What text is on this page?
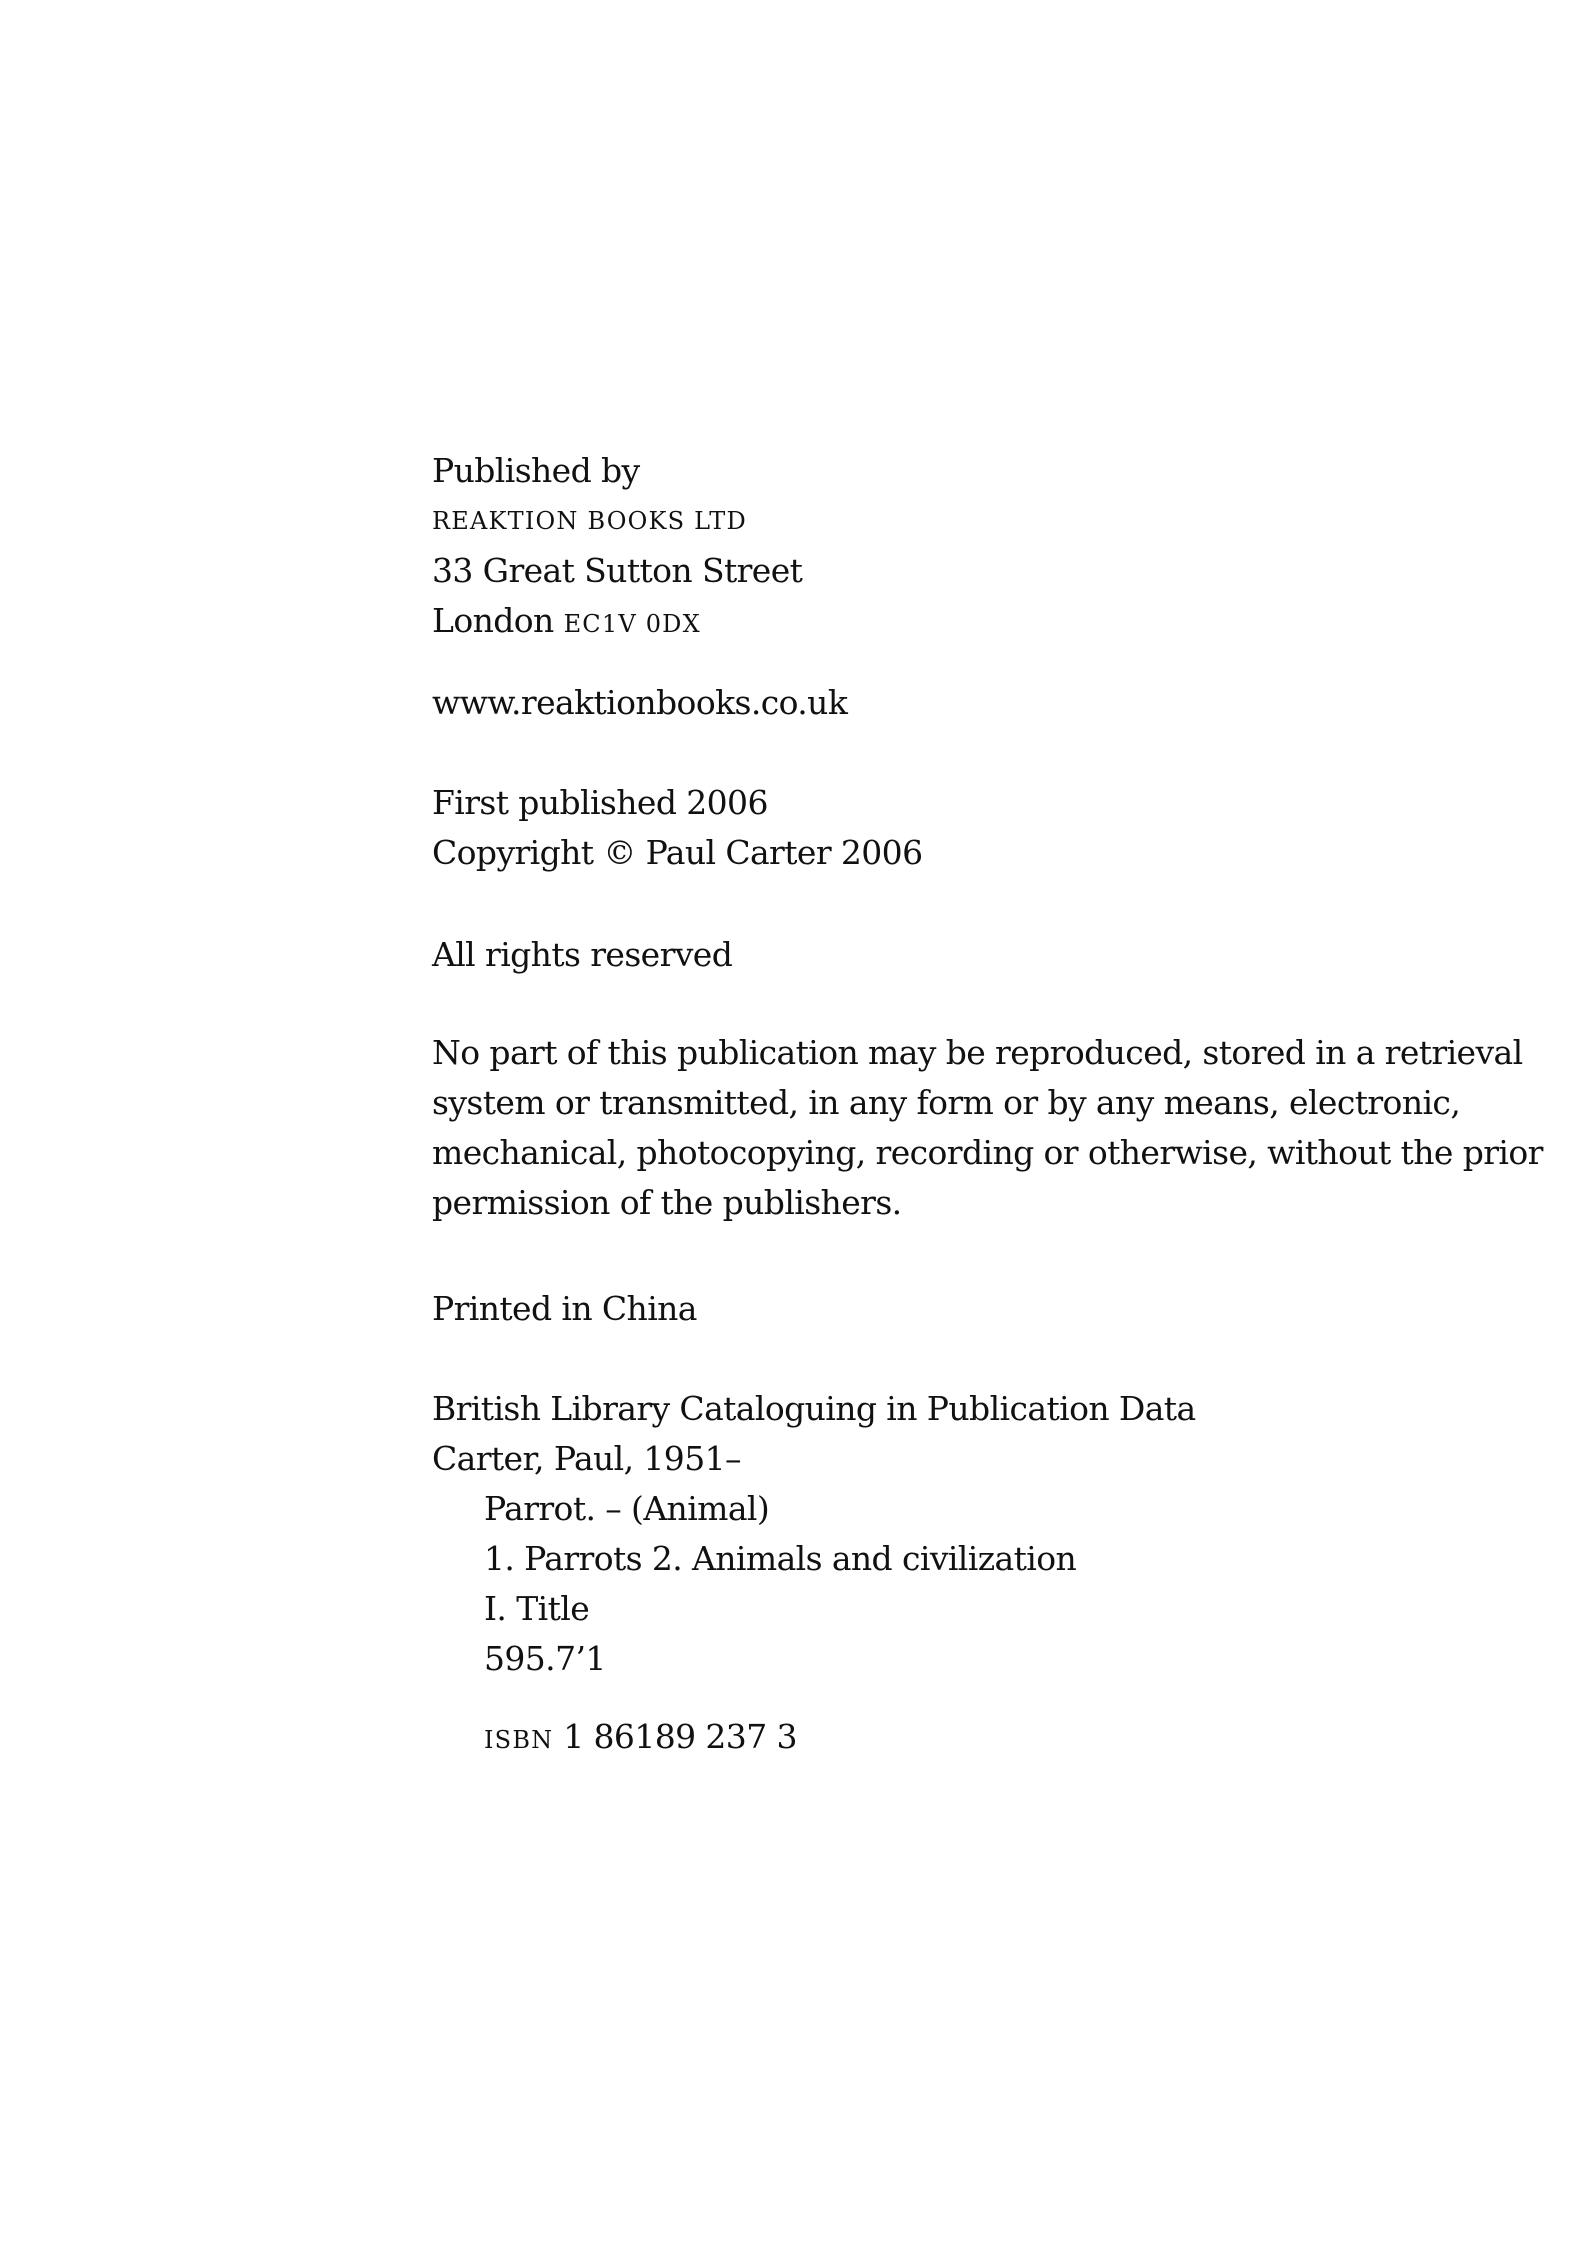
Published by
REAKTION BOOKS LTD
33 Great Sutton Street
London EC1V 0DX
www.reaktionbooks.co.uk
First published 2006
Copyright © Paul Carter 2006
All rights reserved
No part of this publication may be reproduced, stored in a retrieval
system or transmitted, in any form or by any means, electronic,
mechanical, photocopying, recording or otherwise, without the prior
permission of the publishers.
Printed in China
British Library Cataloguing in Publication Data
Carter, Paul, 1951–
Parrot. – (Animal)
1. Parrots 2. Animals and civilization
I. Title
595.7’1
ISBN 1 86189 237 3
